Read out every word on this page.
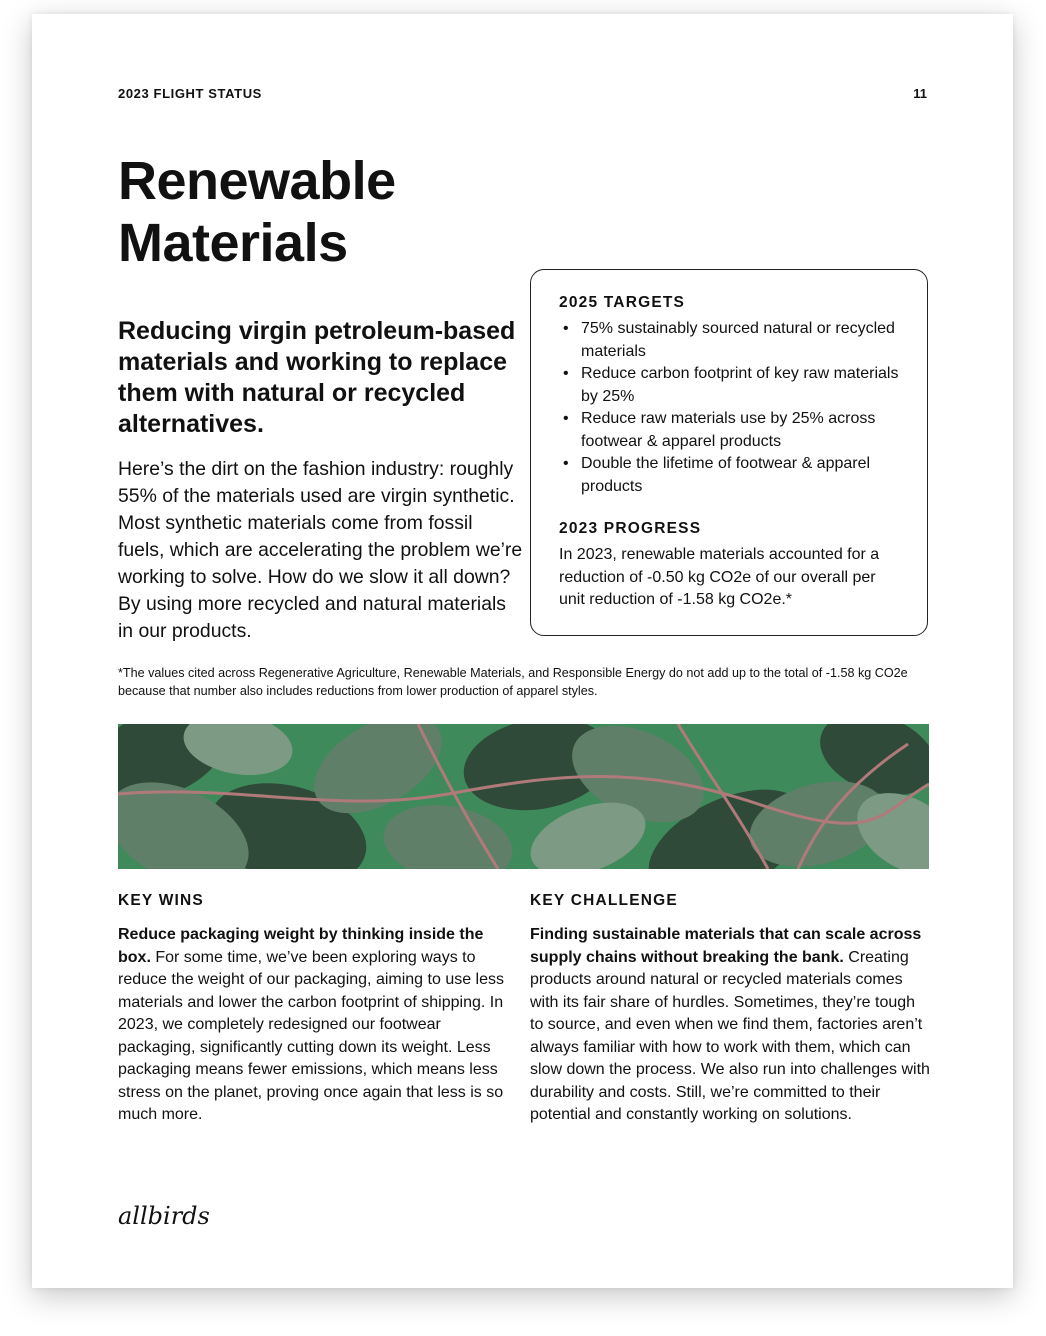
2023 FLIGHT STATUS	11
Renewable
Materials

Reducing virgin petroleum-based materials and working to replace them with natural or recycled alternatives.

Here’s the dirt on the fashion industry: roughly 55% of the materials used are virgin synthetic. Most synthetic materials come from fossil fuels, which are accelerating the problem we’re working to solve. How do we slow it all down? By using more recycled and natural materials in our products.

2025 TARGETS
• 75% sustainably sourced natural or recycled materials
• Reduce carbon footprint of key raw materials by 25%
• Reduce raw materials use by 25% across footwear & apparel products
• Double the lifetime of footwear & apparel products
2023 PROGRESS

In 2023, renewable materials accounted for a reduction of -0.50 kg CO2e of our overall per unit reduction of -1.58 kg CO2e.*

*The values cited across Regenerative Agriculture, Renewable Materials, and Responsible Energy do not add up to the total of -1.58 kg CO2e because that number also includes reductions from lower production of apparel styles.

KEY WINS

Reduce packaging weight by thinking inside the box. For some time, we’ve been exploring ways to reduce the weight of our packaging, aiming to use less materials and lower the carbon footprint of shipping. In 2023, we completely redesigned our footwear packaging, significantly cutting down its weight. Less packaging means fewer emissions, which means less stress on the planet, proving once again that less is so much more.

KEY CHALLENGE

Finding sustainable materials that can scale across supply chains without breaking the bank. Creating products around natural or recycled materials comes with its fair share of hurdles. Sometimes, they’re tough to source, and even when we find them, factories aren’t always familiar with how to work with them, which can slow down the process. We also run into challenges with durability and costs. Still, we’re committed to their potential and constantly working on solutions.

allbirds
